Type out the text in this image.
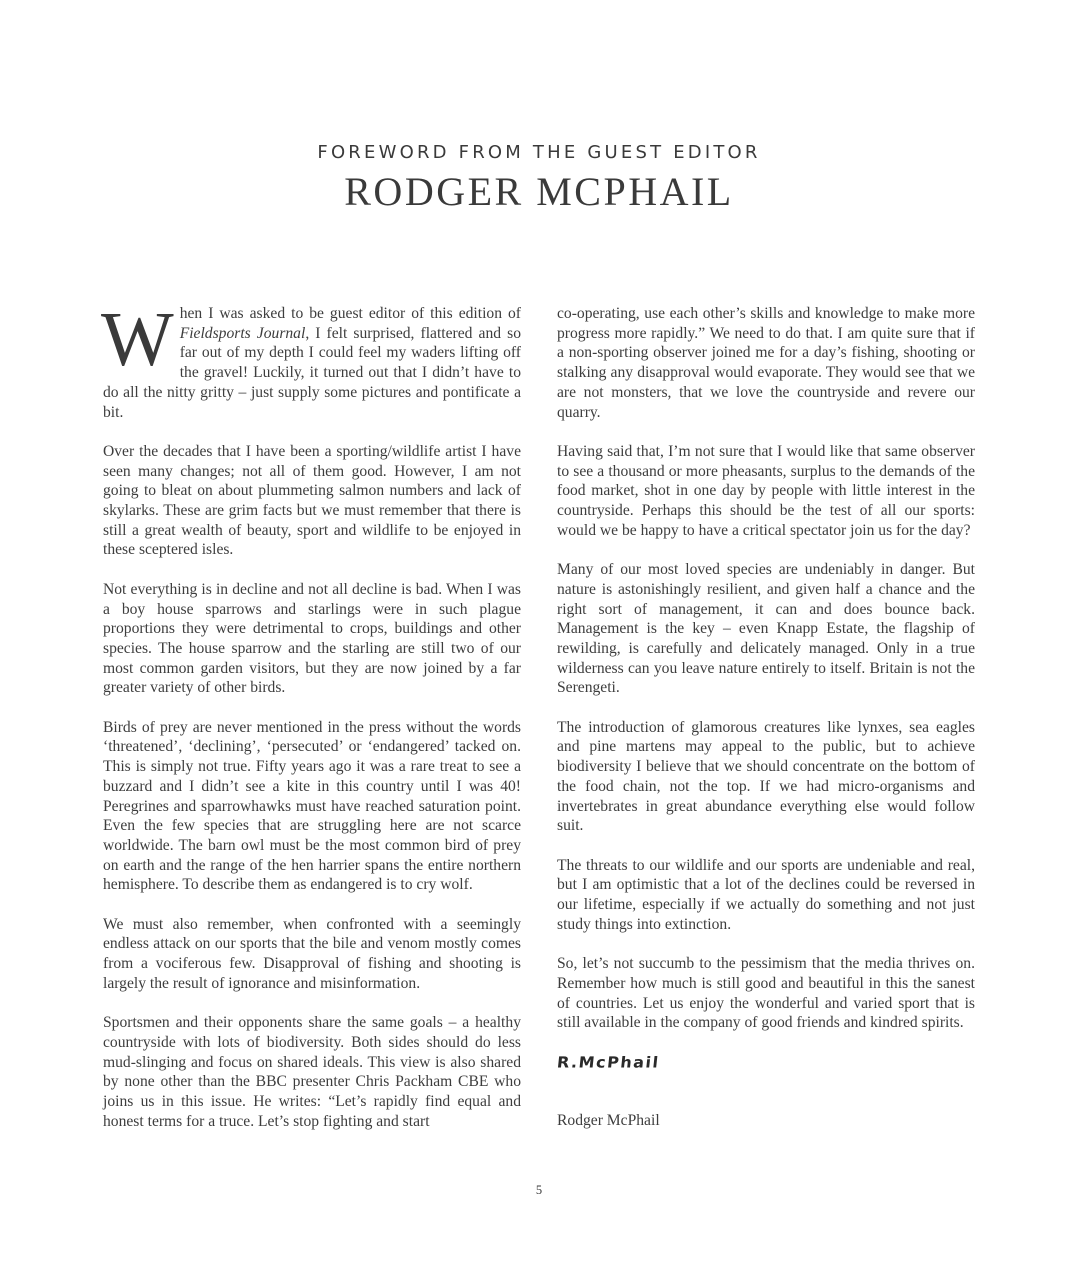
FOREWORD FROM THE GUEST EDITOR
RODGER MCPHAIL

When I was asked to be guest editor of this edition of Fieldsports Journal, I felt surprised, flattered and so far out of my depth I could feel my waders lifting off the gravel! Luckily, it turned out that I didn’t have to do all the nitty gritty – just supply some pictures and pontificate a bit.

Over the decades that I have been a sporting/wildlife artist I have seen many changes; not all of them good. However, I am not going to bleat on about plummeting salmon numbers and lack of skylarks. These are grim facts but we must remember that there is still a great wealth of beauty, sport and wildlife to be enjoyed in these sceptered isles.

Not everything is in decline and not all decline is bad. When I was a boy house sparrows and starlings were in such plague proportions they were detrimental to crops, buildings and other species. The house sparrow and the starling are still two of our most common garden visitors, but they are now joined by a far greater variety of other birds.

Birds of prey are never mentioned in the press without the words ‘threatened’, ‘declining’, ‘persecuted’ or ‘endangered’ tacked on. This is simply not true. Fifty years ago it was a rare treat to see a buzzard and I didn’t see a kite in this country until I was 40! Peregrines and sparrowhawks must have reached saturation point. Even the few species that are struggling here are not scarce worldwide. The barn owl must be the most common bird of prey on earth and the range of the hen harrier spans the entire northern hemisphere. To describe them as endangered is to cry wolf.

We must also remember, when confronted with a seemingly endless attack on our sports that the bile and venom mostly comes from a vociferous few. Disapproval of fishing and shooting is largely the result of ignorance and misinformation.

Sportsmen and their opponents share the same goals – a healthy countryside with lots of biodiversity. Both sides should do less mud-slinging and focus on shared ideals. This view is also shared by none other than the BBC presenter Chris Packham CBE who joins us in this issue. He writes: “Let’s rapidly find equal and honest terms for a truce. Let’s stop fighting and start

co-operating, use each other’s skills and knowledge to make more progress more rapidly.” We need to do that. I am quite sure that if a non-sporting observer joined me for a day’s fishing, shooting or stalking any disapproval would evaporate. They would see that we are not monsters, that we love the countryside and revere our quarry.

Having said that, I’m not sure that I would like that same observer to see a thousand or more pheasants, surplus to the demands of the food market, shot in one day by people with little interest in the countryside. Perhaps this should be the test of all our sports: would we be happy to have a critical spectator join us for the day?

Many of our most loved species are undeniably in danger. But nature is astonishingly resilient, and given half a chance and the right sort of management, it can and does bounce back. Management is the key – even Knapp Estate, the flagship of rewilding, is carefully and delicately managed. Only in a true wilderness can you leave nature entirely to itself. Britain is not the Serengeti.

The introduction of glamorous creatures like lynxes, sea eagles and pine martens may appeal to the public, but to achieve biodiversity I believe that we should concentrate on the bottom of the food chain, not the top. If we had micro-organisms and invertebrates in great abundance everything else would follow suit.

The threats to our wildlife and our sports are undeniable and real, but I am optimistic that a lot of the declines could be reversed in our lifetime, especially if we actually do something and not just study things into extinction.

So, let’s not succumb to the pessimism that the media thrives on. Remember how much is still good and beautiful in this the sanest of countries. Let us enjoy the wonderful and varied sport that is still available in the company of good friends and kindred spirits.

R.McPhail

Rodger McPhail

5
